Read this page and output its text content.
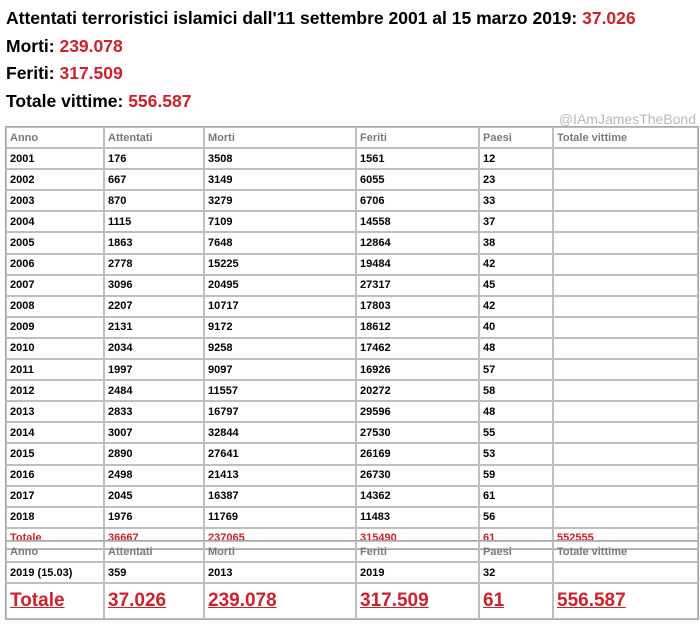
Attentati terroristici islamici dall'11 settembre 2001 al 15 marzo 2019: 37.026
Morti: 239.078
Feriti: 317.509
Totale vittime: 556.587
@IAmJamesTheBond
Anno	Attentati	Morti	Feriti	Paesi	Totale vittime
2001	176	3508	1561	12	
2002	667	3149	6055	23	
2003	870	3279	6706	33	
2004	1115	7109	14558	37	
2005	1863	7648	12864	38	
2006	2778	15225	19484	42	
2007	3096	20495	27317	45	
2008	2207	10717	17803	42	
2009	2131	9172	18612	40	
2010	2034	9258	17462	48	
2011	1997	9097	16926	57	
2012	2484	11557	20272	58	
2013	2833	16797	29596	48	
2014	3007	32844	27530	55	
2015	2890	27641	26169	53	
2016	2498	21413	26730	59	
2017	2045	16387	14362	61	
2018	1976	11769	11483	56	
Totale	36667	237065	315490	61	552555
Anno	Attentati	Morti	Feriti	Paesi	Totale vittime
2019 (15.03)	359	2013	2019	32	
Totale	37.026	239.078	317.509	61	556.587
